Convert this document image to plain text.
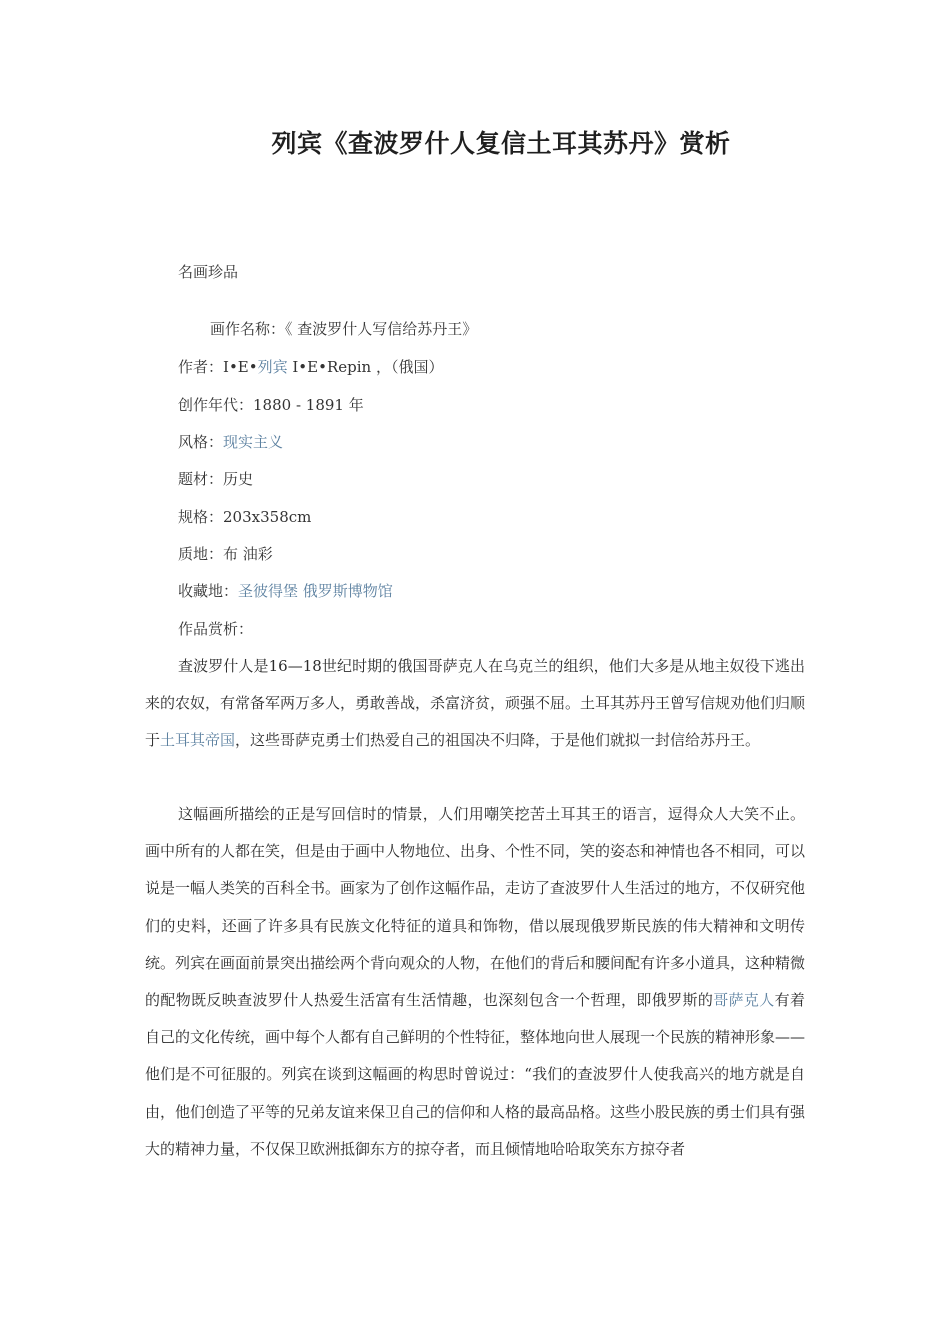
列宾《查波罗什人复信土耳其苏丹》赏析
名画珍品
画作名称：《 查波罗什人写信给苏丹王》
作者：I•E•列宾 I•E•Repin ，（俄国）
创作年代：1880 - 1891 年
风格：现实主义
题材：历史
规格：203x358cm
质地：布 油彩
收藏地：圣彼得堡 俄罗斯博物馆
作品赏析：

查波罗什人是16—18世纪时期的俄国哥萨克人在乌克兰的组织，他们大多是从地主奴役下逃出来的农奴，有常备军两万多人，勇敢善战，杀富济贫，顽强不屈。土耳其苏丹王曾写信规劝他们归顺于土耳其帝国，这些哥萨克勇士们热爱自己的祖国决不归降，于是他们就拟一封信给苏丹王。

这幅画所描绘的正是写回信时的情景，人们用嘲笑挖苦土耳其王的语言，逗得众人大笑不止。画中所有的人都在笑，但是由于画中人物地位、出身、个性不同，笑的姿态和神情也各不相同，可以说是一幅人类笑的百科全书。画家为了创作这幅作品，走访了查波罗什人生活过的地方，不仅研究他们的史料，还画了许多具有民族文化特征的道具和饰物，借以展现俄罗斯民族的伟大精神和文明传统。列宾在画面前景突出描绘两个背向观众的人物，在他们的背后和腰间配有许多小道具，这种精微的配物既反映查波罗什人热爱生活富有生活情趣，也深刻包含一个哲理，即俄罗斯的哥萨克人有着自己的文化传统，画中每个人都有自己鲜明的个性特征，整体地向世人展现一个民族的精神形象——他们是不可征服的。列宾在谈到这幅画的构思时曾说过：“我们的查波罗什人使我高兴的地方就是自由，他们创造了平等的兄弟友谊来保卫自己的信仰和人格的最高品格。这些小股民族的勇士们具有强大的精神力量，不仅保卫欧洲抵御东方的掠夺者，而且倾情地哈哈取笑东方掠夺者
